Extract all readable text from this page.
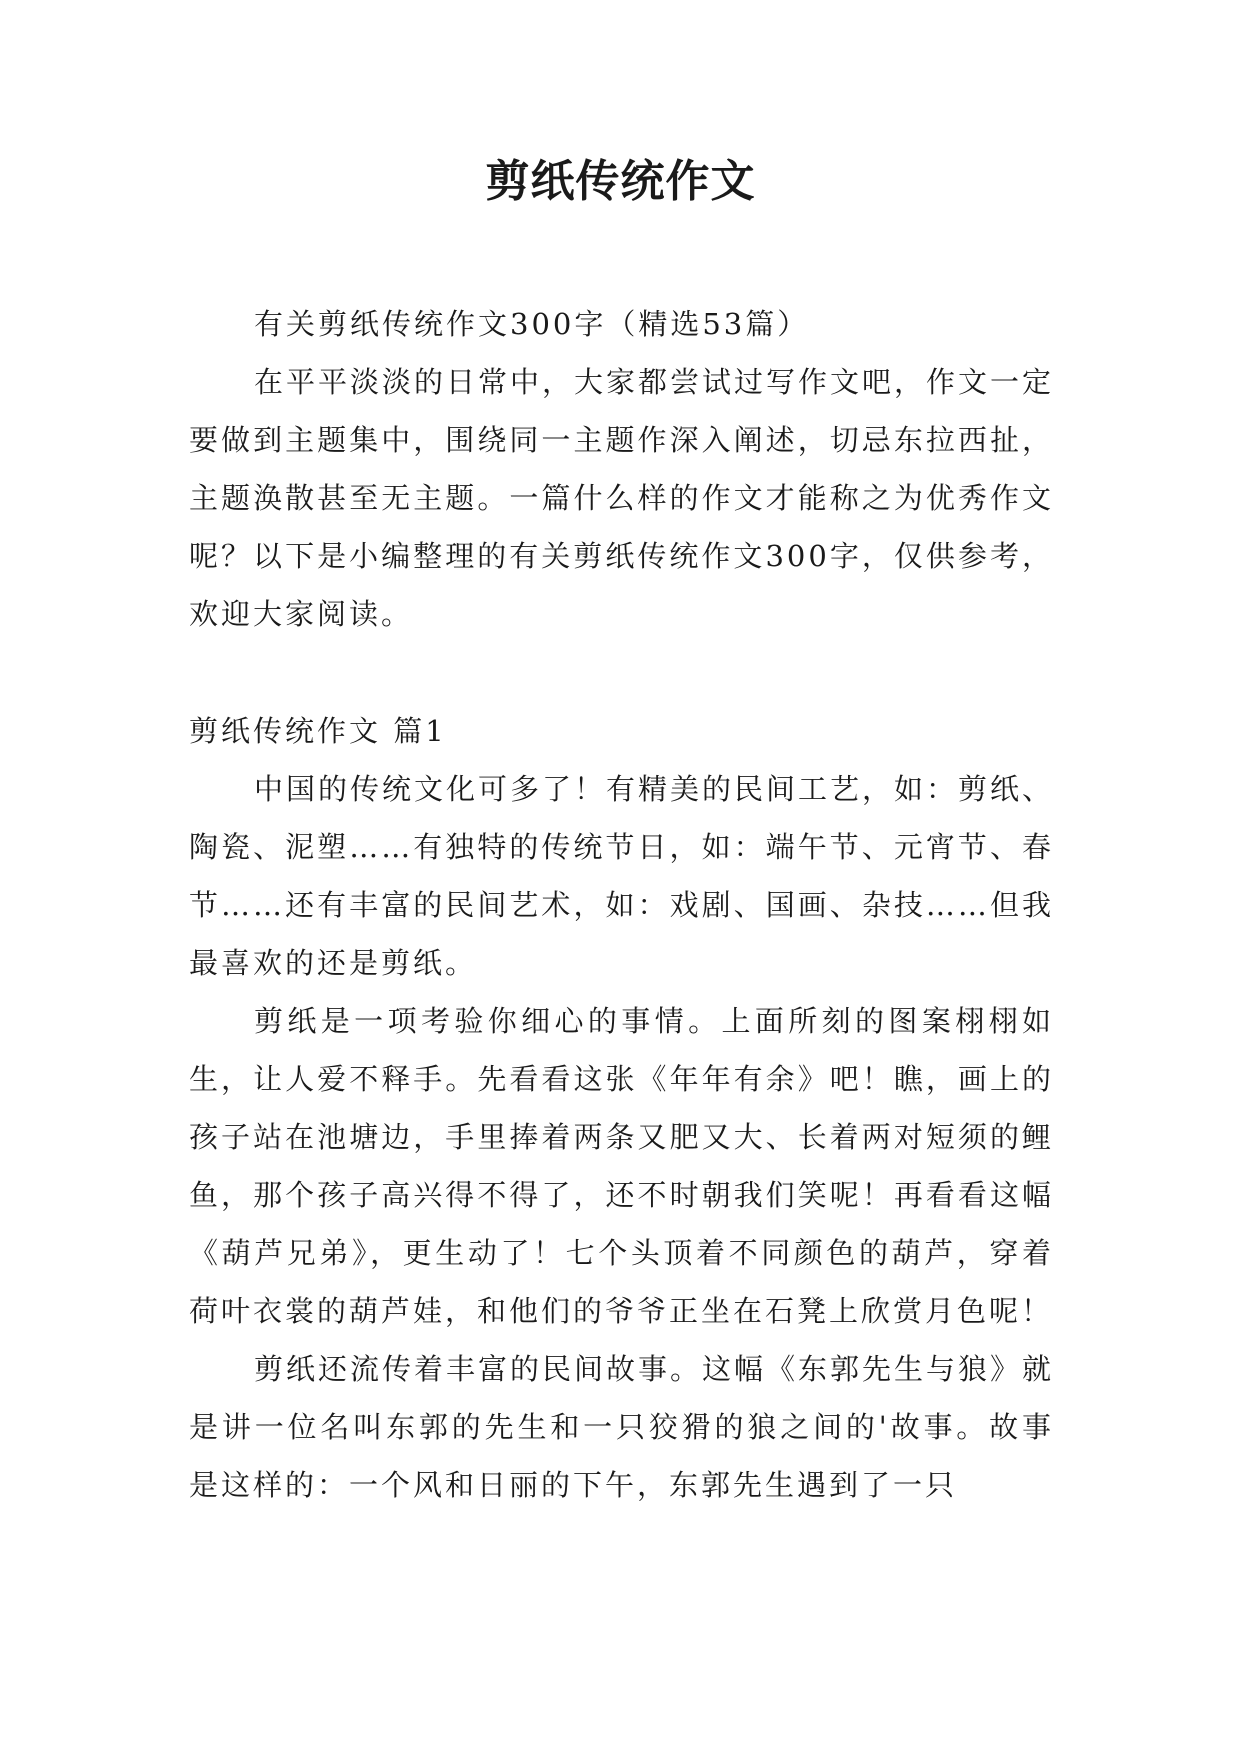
剪纸传统作文

有关剪纸传统作文300字（精选53篇）

在平平淡淡的日常中，大家都尝试过写作文吧，作文一定要做到主题集中，围绕同一主题作深入阐述，切忌东拉西扯，主题涣散甚至无主题。一篇什么样的作文才能称之为优秀作文呢？以下是小编整理的有关剪纸传统作文300字，仅供参考，欢迎大家阅读。

剪纸传统作文 篇1

中国的传统文化可多了！有精美的民间工艺，如：剪纸、陶瓷、泥塑……有独特的传统节日，如：端午节、元宵节、春节……还有丰富的民间艺术，如：戏剧、国画、杂技……但我最喜欢的还是剪纸。

剪纸是一项考验你细心的事情。上面所刻的图案栩栩如生，让人爱不释手。先看看这张《年年有余》吧！瞧，画上的孩子站在池塘边，手里捧着两条又肥又大、长着两对短须的鲤鱼，那个孩子高兴得不得了，还不时朝我们笑呢！再看看这幅《葫芦兄弟》，更生动了！七个头顶着不同颜色的葫芦，穿着荷叶衣裳的葫芦娃，和他们的爷爷正坐在石凳上欣赏月色呢！

剪纸还流传着丰富的民间故事。这幅《东郭先生与狼》就是讲一位名叫东郭的先生和一只狡猾的狼之间的'故事。故事是这样的：一个风和日丽的下午，东郭先生遇到了一只
